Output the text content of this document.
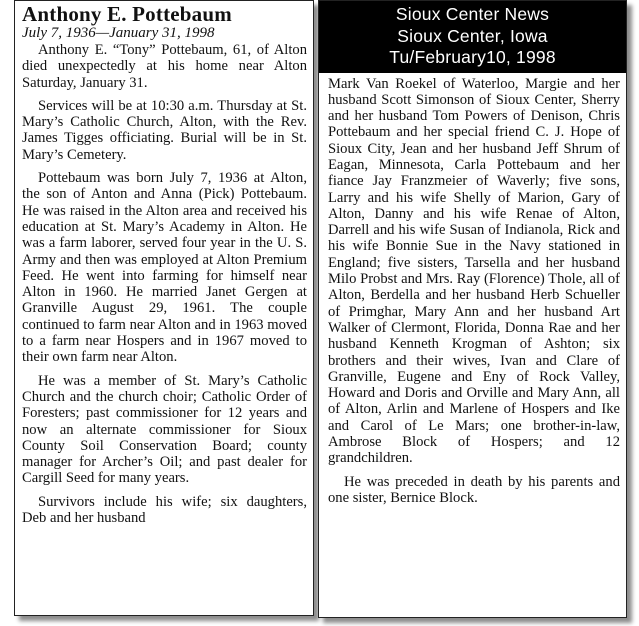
Anthony E. Pottebaum
July 7, 1936—January 31, 1998

Anthony E. “Tony” Pottebaum, 61, of Alton died unexpectedly at his home near Alton Saturday, January 31.

Services will be at 10:30 a.m. Thursday at St. Mary’s Catholic Church, Alton, with the Rev. James Tigges officiating. Burial will be in St. Mary’s Cemetery.

Pottebaum was born July 7, 1936 at Alton, the son of Anton and Anna (Pick) Pottebaum. He was raised in the Alton area and received his education at St. Mary’s Academy in Alton. He was a farm laborer, served four year in the U. S. Army and then was employed at Alton Premium Feed. He went into farming for himself near Alton in 1960. He married Janet Gergen at Granville August 29, 1961. The couple continued to farm near Alton and in 1963 moved to a farm near Hospers and in 1967 moved to their own farm near Alton.

He was a member of St. Mary’s Catholic Church and the church choir; Catholic Order of Foresters; past commissioner for 12 years and now an alternate commissioner for Sioux County Soil Conservation Board; county manager for Archer’s Oil; and past dealer for Cargill Seed for many years.

Survivors include his wife; six daughters, Deb and her husband

Sioux Center News
Sioux Center, Iowa
Tu/February10, 1998

Mark Van Roekel of Waterloo, Margie and her husband Scott Simonson of Sioux Center, Sherry and her husband Tom Powers of Denison, Chris Pottebaum and her special friend C. J. Hope of Sioux City, Jean and her husband Jeff Shrum of Eagan, Minnesota, Carla Pottebaum and her fiance Jay Franzmeier of Waverly; five sons, Larry and his wife Shelly of Marion, Gary of Alton, Danny and his wife Renae of Alton, Darrell and his wife Susan of Indianola, Rick and his wife Bonnie Sue in the Navy stationed in England; five sisters, Tarsella and her husband Milo Probst and Mrs. Ray (Florence) Thole, all of Alton, Berdella and her husband Herb Schueller of Primghar, Mary Ann and her husband Art Walker of Clermont, Florida, Donna Rae and her husband Kenneth Krogman of Ashton; six brothers and their wives, Ivan and Clare of Granville, Eugene and Eny of Rock Valley, Howard and Doris and Orville and Mary Ann, all of Alton, Arlin and Marlene of Hospers and Ike and Carol of Le Mars; one brother-in-law, Ambrose Block of Hospers; and 12 grandchildren.

He was preceded in death by his parents and one sister, Bernice Block.
